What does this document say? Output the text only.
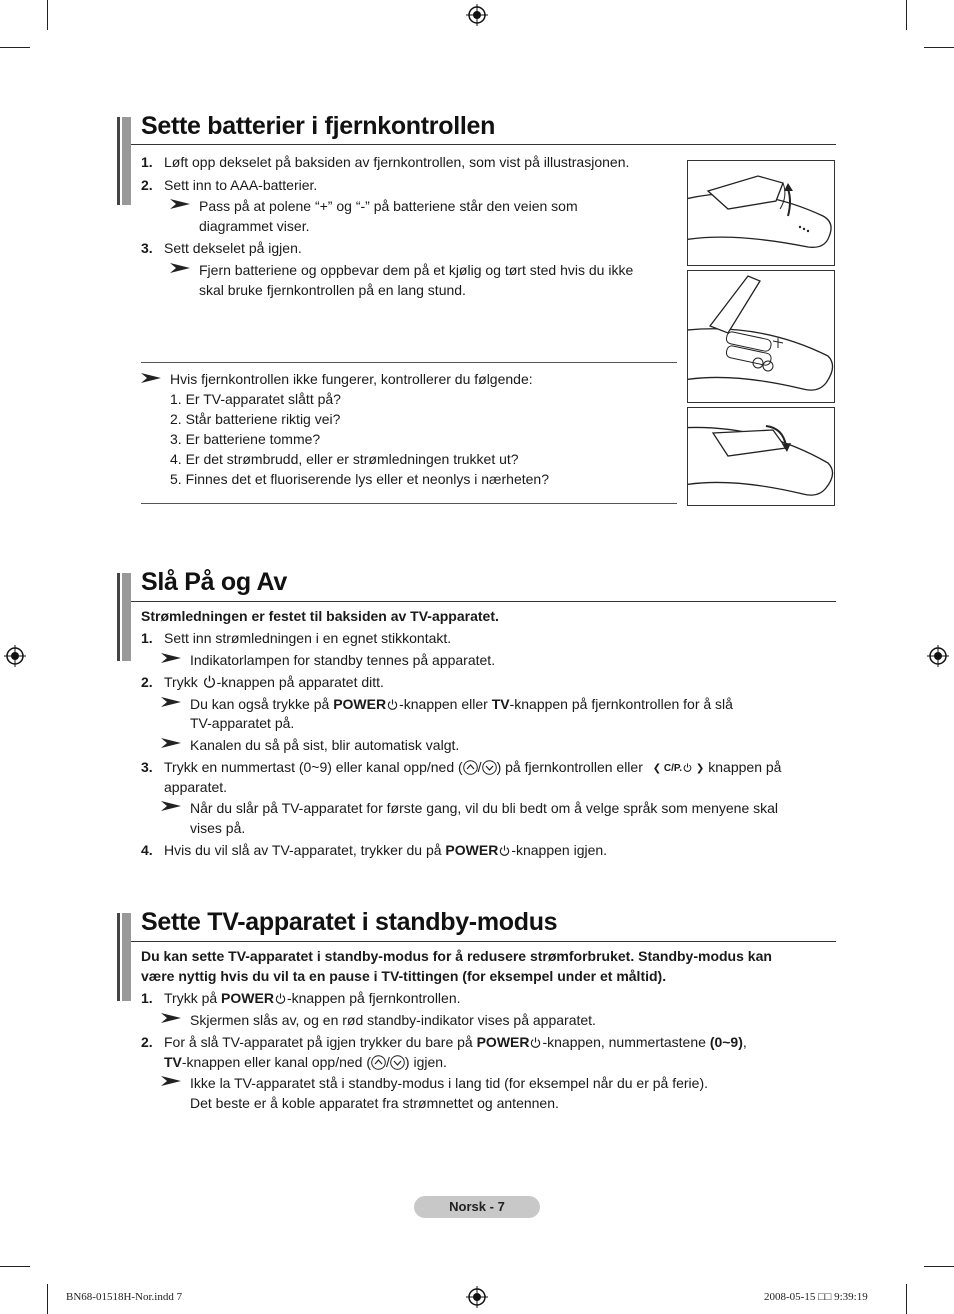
Sette batterier i fjernkontrollen
1. Løft opp dekselet på baksiden av fjernkontrollen, som vist på illustrasjonen.
2. Sett inn to AAA-batterier.
Pass på at polene “+” og “-” på batteriene står den veien som
diagrammet viser.
3. Sett dekselet på igjen.
Fjern batteriene og oppbevar dem på et kjølig og tørt sted hvis du ikke
skal bruke fjernkontrollen på en lang stund.
Hvis fjernkontrollen ikke fungerer, kontrollerer du følgende:
1. Er TV-apparatet slått på?
2. Står batteriene riktig vei?
3. Er batteriene tomme?
4. Er det strømbrudd, eller er strømledningen trukket ut?
5. Finnes det et fluoriserende lys eller et neonlys i nærheten?
Slå På og Av
Strømledningen er festet til baksiden av TV-apparatet.
1. Sett inn strømledningen i en egnet stikkontakt.
Indikatorlampen for standby tennes på apparatet.
2. Trykk -knappen på apparatet ditt.
Du kan også trykke på POWER -knappen eller TV-knappen på fjernkontrollen for å slå
TV-apparatet på.
Kanalen du så på sist, blir automatisk valgt.
3. Trykk en nummertast (0~9) eller kanal opp/ned ( / ) på fjernkontrollen eller ❮ C/P. ❯ knappen på
apparatet.
Når du slår på TV-apparatet for første gang, vil du bli bedt om å velge språk som menyene skal
vises på.
4. Hvis du vil slå av TV-apparatet, trykker du på POWER -knappen igjen.
Sette TV-apparatet i standby-modus
Du kan sette TV-apparatet i standby-modus for å redusere strømforbruket. Standby-modus kan
være nyttig hvis du vil ta en pause i TV-tittingen (for eksempel under et måltid).
1. Trykk på POWER -knappen på fjernkontrollen.
Skjermen slås av, og en rød standby-indikator vises på apparatet.
2. For å slå TV-apparatet på igjen trykker du bare på POWER -knappen, nummertastene (0~9),
TV-knappen eller kanal opp/ned ( / ) igjen.
Ikke la TV-apparatet stå i standby-modus i lang tid (for eksempel når du er på ferie).
Det beste er å koble apparatet fra strømnettet og antennen.
Norsk - 7
BN68-01518H-Nor.indd 7	2008-05-15 □□ 9:39:19
